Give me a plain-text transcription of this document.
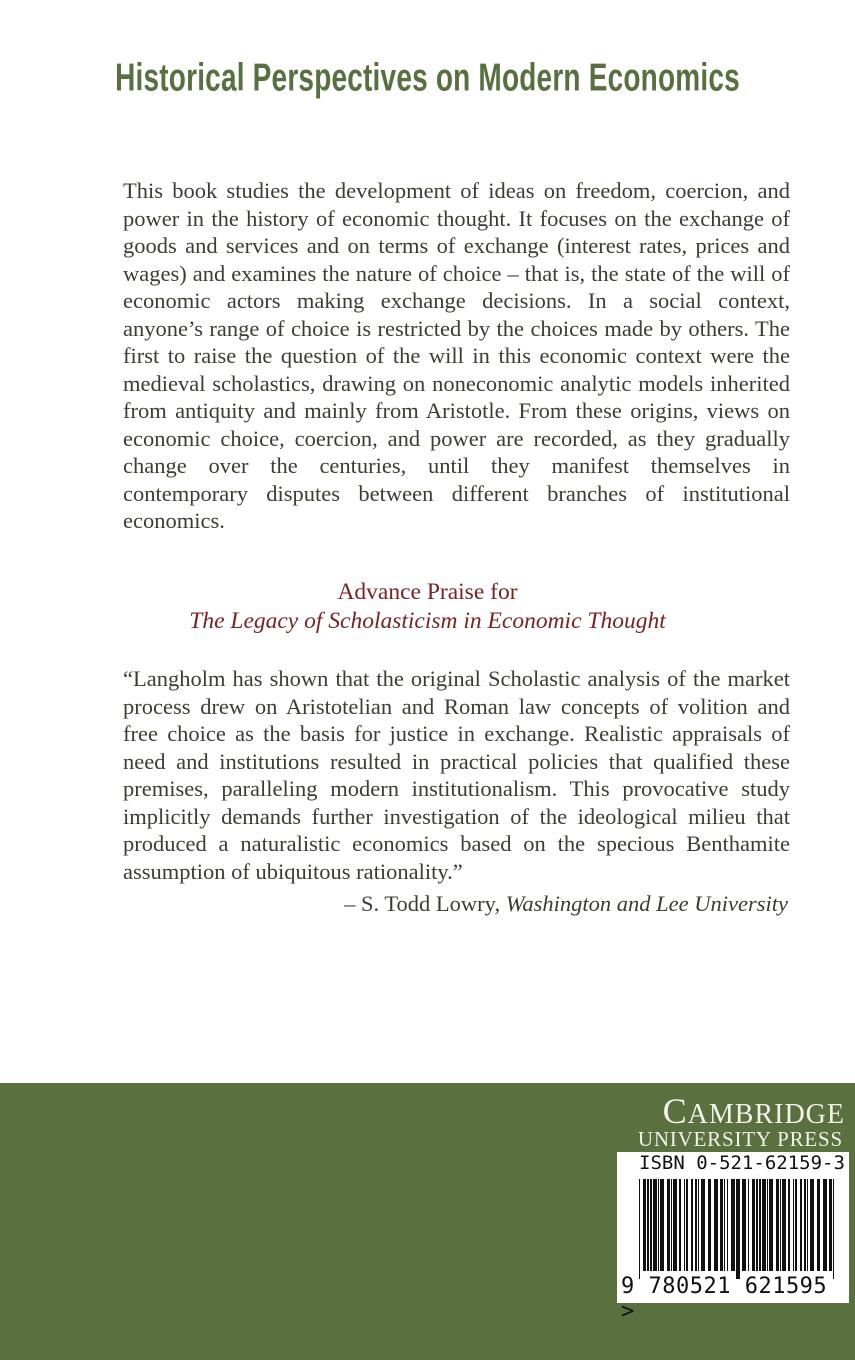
Historical Perspectives on Modern Economics
This book studies the development of ideas on freedom, coercion, and
power in the history of economic thought. It focuses on the exchange of
goods and services and on terms of exchange (interest rates, prices and
wages) and examines the nature of choice – that is, the state of the will of
economic actors making exchange decisions. In a social context,
anyone’s range of choice is restricted by the choices made by others. The
first to raise the question of the will in this economic context were the
medieval scholastics, drawing on noneconomic analytic models inherited
from antiquity and mainly from Aristotle. From these origins, views on
economic choice, coercion, and power are recorded, as they gradually
change over the centuries, until they manifest themselves in
contemporary disputes between different branches of institutional
economics.
Advance Praise for
The Legacy of Scholasticism in Economic Thought
“Langholm has shown that the original Scholastic analysis of the market
process drew on Aristotelian and Roman law concepts of volition and
free choice as the basis for justice in exchange. Realistic appraisals of
need and institutions resulted in practical policies that qualified these
premises, paralleling modern institutionalism. This provocative study
implicitly demands further investigation of the ideological milieu that
produced a naturalistic economics based on the specious Benthamite
assumption of ubiquitous rationality.”
– S. Todd Lowry, Washington and Lee University
CAMBRIDGE
UNIVERSITY PRESS
ISBN 0-521-62159-3
9 780521 621595 >
